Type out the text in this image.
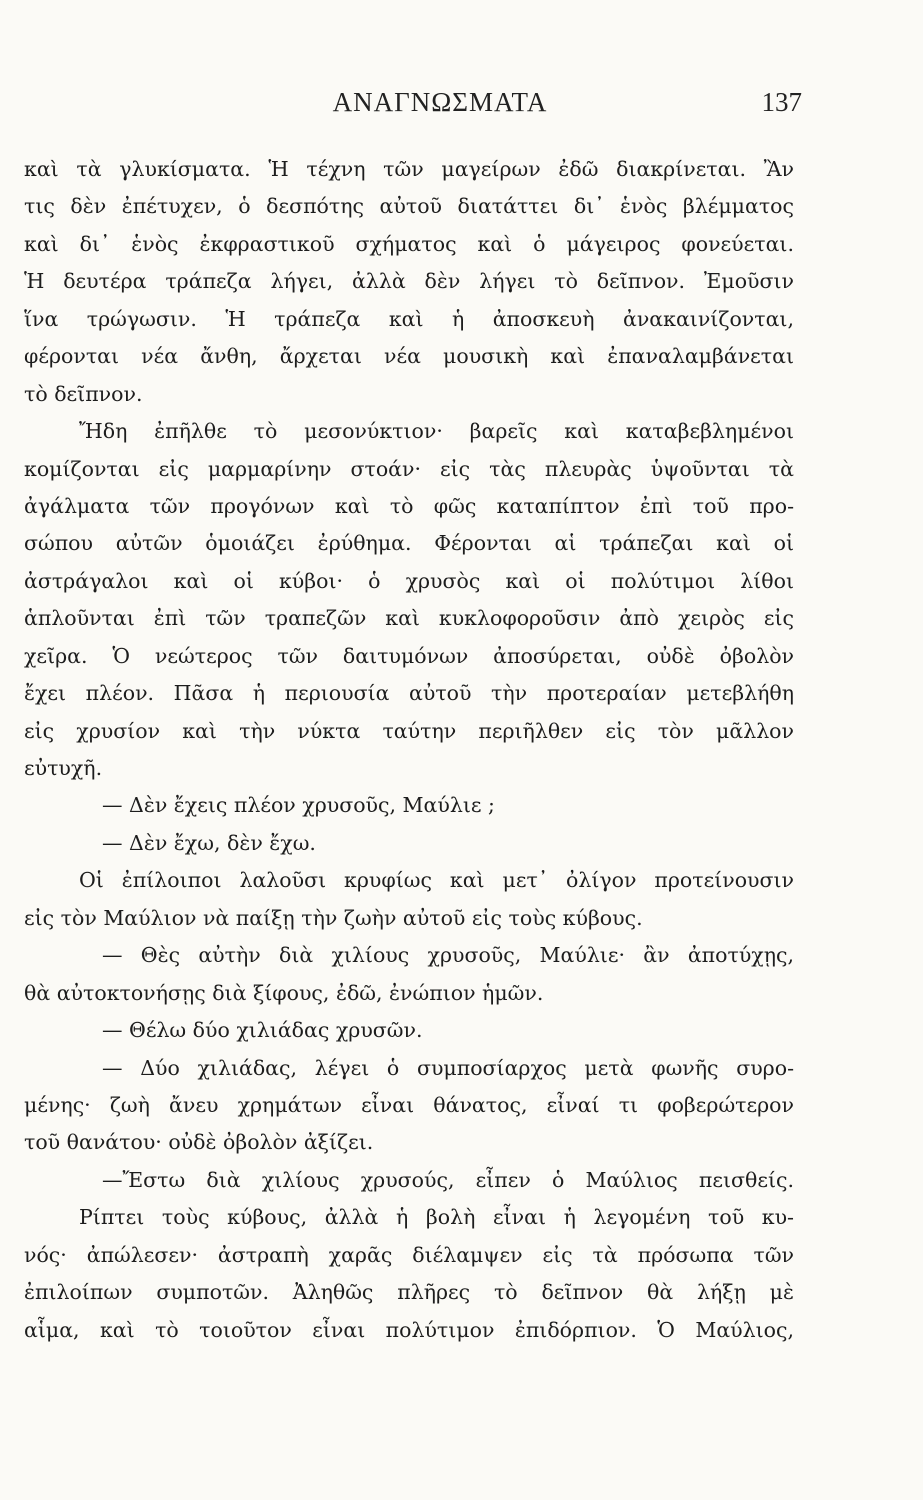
ΑΝΑΓΝΩΣΜΑΤΑ	137
καὶ τὰ γλυκίσματα. Ἡ τέχνη τῶν μαγείρων ἐδῶ διακρίνεται. Ἂν
τις δὲν ἐπέτυχεν, ὁ δεσπότης αὐτοῦ διατάττει δι᾿ ἑνὸς βλέμματος
καὶ δι᾿ ἑνὸς ἐκφραστικοῦ σχήματος καὶ ὁ μάγειρος φονεύεται.
Ἡ δευτέρα τράπεζα λήγει, ἀλλὰ δὲν λήγει τὸ δεῖπνον. Ἐμοῦσιν
ἵνα τρώγωσιν. Ἡ τράπεζα καὶ ἡ ἀποσκευὴ ἀνακαινίζονται,
φέρονται νέα ἄνθη, ἄρχεται νέα μουσικὴ καὶ ἐπαναλαμβάνεται
τὸ δεῖπνον.
Ἤδη ἐπῆλθε τὸ μεσονύκτιον· βαρεῖς καὶ καταβεβλημένοι
κομίζονται εἰς μαρμαρίνην στοάν· εἰς τὰς πλευρὰς ὑψοῦνται τὰ
ἀγάλματα τῶν προγόνων καὶ τὸ φῶς καταπίπτον ἐπὶ τοῦ προ-
σώπου αὐτῶν ὁμοιάζει ἐρύθημα. Φέρονται αἱ τράπεζαι καὶ οἱ
ἀστράγαλοι καὶ οἱ κύβοι· ὁ χρυσὸς καὶ οἱ πολύτιμοι λίθοι
ἁπλοῦνται ἐπὶ τῶν τραπεζῶν καὶ κυκλοφοροῦσιν ἀπὸ χειρὸς εἰς
χεῖρα. Ὁ νεώτερος τῶν δαιτυμόνων ἀποσύρεται, οὐδὲ ὀβολὸν
ἔχει πλέον. Πᾶσα ἡ περιουσία αὐτοῦ τὴν προτεραίαν μετεβλήθη
εἰς χρυσίον καὶ τὴν νύκτα ταύτην περιῆλθεν εἰς τὸν μᾶλλον
εὐτυχῆ.
— Δὲν ἔχεις πλέον χρυσοῦς, Μαύλιε ;
— Δὲν ἔχω, δὲν ἔχω.
Οἱ ἐπίλοιποι λαλοῦσι κρυφίως καὶ μετ᾿ ὀλίγον προτείνουσιν
εἰς τὸν Μαύλιον νὰ παίξῃ τὴν ζωὴν αὐτοῦ εἰς τοὺς κύβους.
— Θὲς αὐτὴν διὰ χιλίους χρυσοῦς, Μαύλιε· ἂν ἀποτύχῃς,
θὰ αὐτοκτονήσῃς διὰ ξίφους, ἐδῶ, ἐνώπιον ἡμῶν.
— Θέλω δύο χιλιάδας χρυσῶν.
— Δύο χιλιάδας, λέγει ὁ συμποσίαρχος μετὰ φωνῆς συρο-
μένης· ζωὴ ἄνευ χρημάτων εἶναι θάνατος, εἶναί τι φοβερώτερον
τοῦ θανάτου· οὐδὲ ὀβολὸν ἀξίζει.
—Ἔστω διὰ χιλίους χρυσούς, εἶπεν ὁ Μαύλιος πεισθείς.
Ρίπτει τοὺς κύβους, ἀλλὰ ἡ βολὴ εἶναι ἡ λεγομένη τοῦ κυ-
νός· ἀπώλεσεν· ἀστραπὴ χαρᾶς διέλαμψεν εἰς τὰ πρόσωπα τῶν
ἐπιλοίπων συμποτῶν. Ἀληθῶς πλῆρες τὸ δεῖπνον θὰ λήξῃ μὲ
αἷμα, καὶ τὸ τοιοῦτον εἶναι πολύτιμον ἐπιδόρπιον. Ὁ Μαύλιος,
